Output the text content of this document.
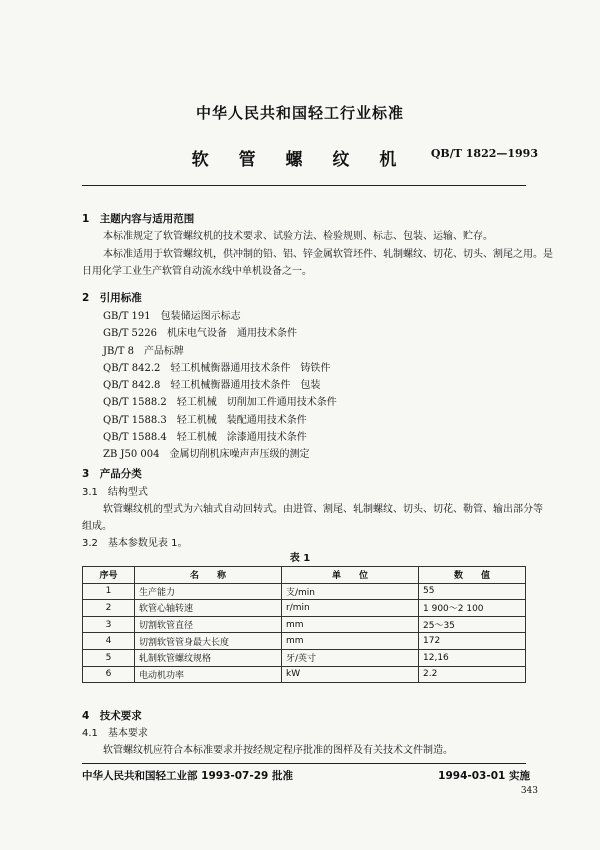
中华人民共和国轻工行业标准
软 管 螺 纹 机	QB/T 1822—1993
1　主题内容与适用范围
本标准规定了软管螺纹机的技术要求、试验方法、检验规则、标志、包装、运输、贮存。
本标准适用于软管螺纹机，供冲制的铅、铝、锌金属软管坯件、轧制螺纹、切花、切头、割尾之用。是
日用化学工业生产软管自动流水线中单机设备之一。
2　引用标准
GB/T 191　 包装储运图示标志
GB/T 5226　 机床电气设备　通用技术条件
JB/T 8　 产品标牌
QB/T 842.2　 轻工机械衡器通用技术条件　铸铁件
QB/T 842.8　 轻工机械衡器通用技术条件　包装
QB/T 1588.2　 轻工机械　切削加工件通用技术条件
QB/T 1588.3　 轻工机械　装配通用技术条件
QB/T 1588.4　 轻工机械　涂漆通用技术条件
ZB J50 004　 金属切削机床噪声声压级的测定
3　产品分类
3.1　结构型式
软管螺纹机的型式为六轴式自动回转式。由进管、割尾、轧制螺纹、切头、切花、勒管、输出部分等
组成。
3.2　基本参数见表 1。
表 1
序号	名　　称	单　　位	数　　值
1	生产能力	支/min	55
2	软管心轴转速	r/min	1 900～2 100
3	切割软管直径	mm	25～35
4	切割软管管身最大长度	mm	172
5	轧制软管螺纹规格	牙/英寸	12,16
6	电动机功率	kW	2.2
4　技术要求
4.1　基本要求
软管螺纹机应符合本标准要求并按经规定程序批准的图样及有关技术文件制造。
中华人民共和国轻工业部 1993-07-29 批准	1994-03-01 实施
343
